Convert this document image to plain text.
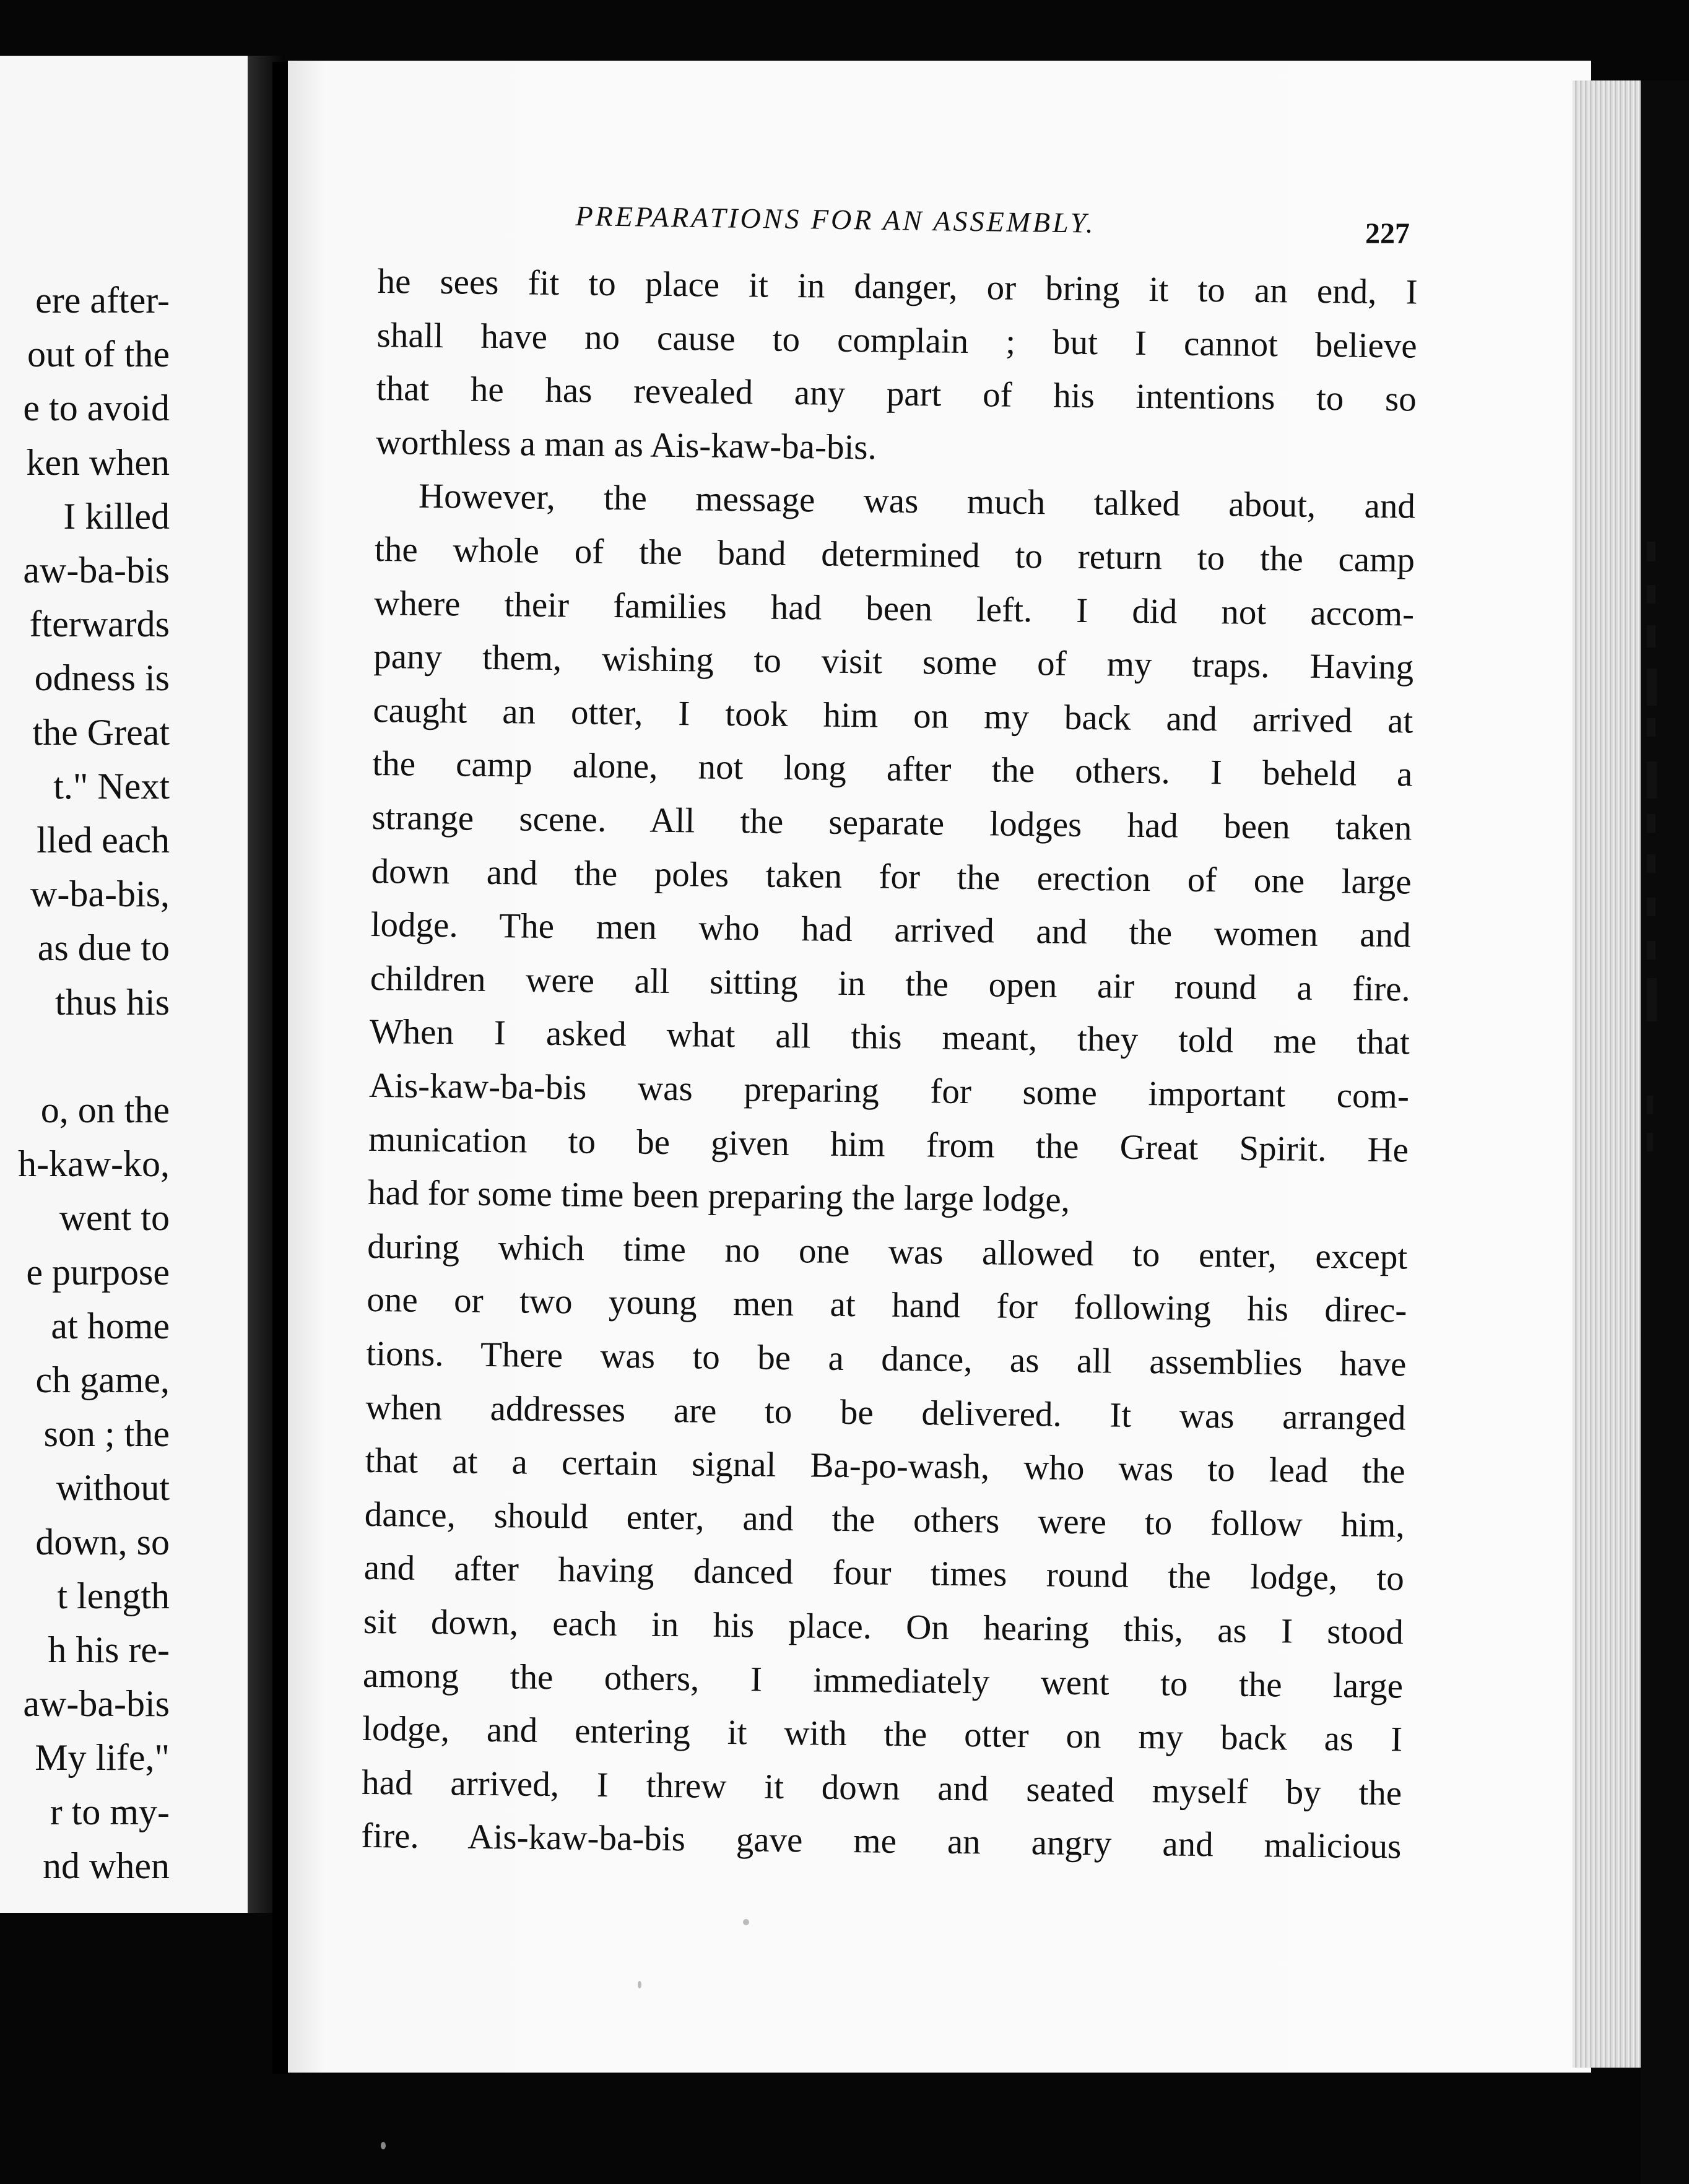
ere after-
out of the
e to avoid
ken when
I killed
aw-ba-bis
fterwards
odness is
the Great
t." Next
lled each
w-ba-bis,
as due to
thus his
o, on the
h-kaw-ko,
went to
e purpose
at home
ch game,
son ; the
without
down, so
t length
h his re-
aw-ba-bis
My life,"
r to my-
nd when
PREPARATIONS FOR AN ASSEMBLY.	227
he sees fit to place it in danger, or bring it to an end, I
shall have no cause to complain ; but I cannot believe
that he has revealed any part of his intentions to so
worthless a man as Ais-kaw-ba-bis.
However, the message was much talked about, and
the whole of the band determined to return to the camp
where their families had been left. I did not accom-
pany them, wishing to visit some of my traps. Having
caught an otter, I took him on my back and arrived at
the camp alone, not long after the others. I beheld a
strange scene. All the separate lodges had been taken
down and the poles taken for the erection of one large
lodge. The men who had arrived and the women and
children were all sitting in the open air round a fire.
When I asked what all this meant, they told me that
Ais-kaw-ba-bis was preparing for some important com-
munication to be given him from the Great Spirit. He
had for some time been preparing the large lodge,
during which time no one was allowed to enter, except
one or two young men at hand for following his direc-
tions. There was to be a dance, as all assemblies have
when addresses are to be delivered. It was arranged
that at a certain signal Ba-po-wash, who was to lead the
dance, should enter, and the others were to follow him,
and after having danced four times round the lodge, to
sit down, each in his place. On hearing this, as I stood
among the others, I immediately went to the large
lodge, and entering it with the otter on my back as I
had arrived, I threw it down and seated myself by the
fire. Ais-kaw-ba-bis gave me an angry and malicious
